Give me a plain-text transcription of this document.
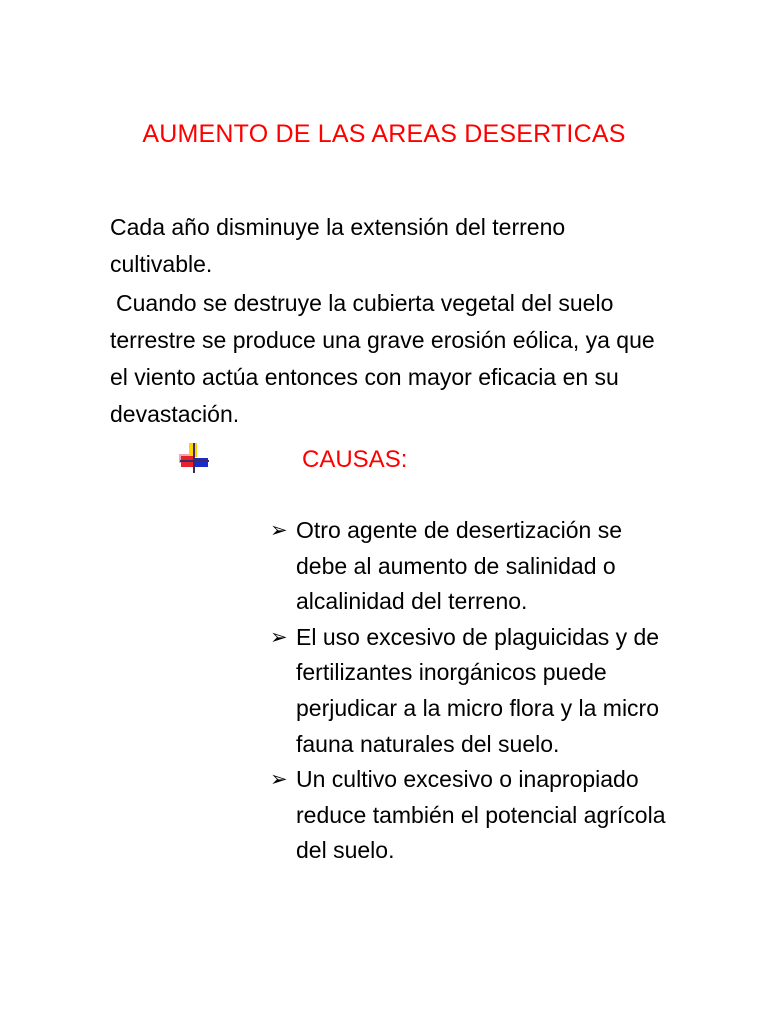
AUMENTO DE LAS AREAS DESERTICAS

Cada año disminuye la extensión del terreno cultivable.

Cuando se destruye la cubierta vegetal del suelo terrestre se produce una grave erosión eólica, ya que el viento actúa entonces con mayor eficacia en su devastación.

CAUSAS:
➢ Otro agente de desertización se debe al aumento de salinidad o alcalinidad del terreno.
➢ El uso excesivo de plaguicidas y de fertilizantes inorgánicos puede perjudicar a la micro flora y la micro fauna naturales del suelo.
➢ Un cultivo excesivo o inapropiado reduce también el potencial agrícola del suelo.
